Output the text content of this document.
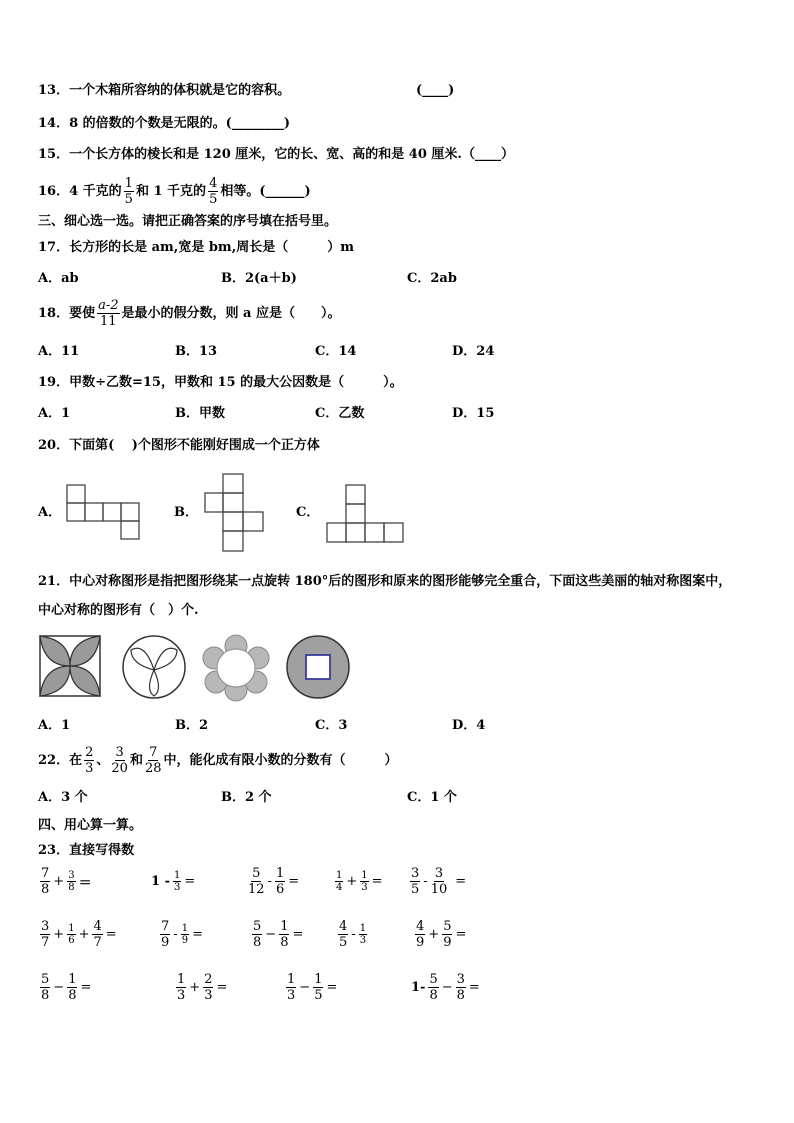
13．一个木箱所容纳的体积就是它的容积。	(____)
14．8 的倍数的个数是无限的。(________)
15．一个长方体的棱长和是 120 厘米，它的长、宽、高的和是 40 厘米.（____）
16．4 千克的 $\frac{1}{5}$ 和 1 千克的 $\frac{4}{5}$ 相等。(______)
三、细心选一选。请把正确答案的序号填在括号里。
17．长方形的长是 am,宽是 bm,周长是（　　　）m
A．ab	B．2(a＋b)	C．2ab
18．要使 $\frac{a-2}{11}$ 是最小的假分数，则 a 应是（　　）。
A．11	B．13	C．14	D．24
19．甲数÷乙数=15，甲数和 15 的最大公因数是（　　　）。
A．1	B．甲数	C．乙数	D．15
20．下面第(　 )个图形不能刚好围成一个正方体
A．	B．	C．
21．中心对称图形是指把图形绕某一点旋转 180°后的图形和原来的图形能够完全重合，下面这些美丽的轴对称图案中，
中心对称的图形有（　）个.
A．1	B．2	C．3	D．4
22．在 $\frac{2}{3}$ 、 $\frac{3}{20}$ 和 $\frac{7}{28}$ 中，能化成有限小数的分数有（　　　）
A．3 个	B．2 个	C．1 个
四、用心算一算。
23．直接写得数
$\frac{7}{8} + \frac{3}{8}$ ＝	$1 - \frac{1}{3}$ =	$\frac{5}{12} - \frac{1}{6}$ =	$\frac{1}{4} + \frac{1}{3} = \frac{3}{5} - \frac{3}{10}$ =
$\frac{3}{7} + \frac{1}{6} + \frac{4}{7}$ =	$\frac{7}{9} - \frac{1}{9}$ =	$\frac{5}{8} - \frac{1}{8}$ =	$\frac{4}{5} - \frac{1}{3}$	$\frac{4}{9} + \frac{5}{9}$ =
$\frac{5}{8} - \frac{1}{8}$ =	$\frac{1}{3} + \frac{2}{3}$ =	$\frac{1}{3} - \frac{1}{5}$ =	$1- \frac{5}{8} - \frac{3}{8}$ =
